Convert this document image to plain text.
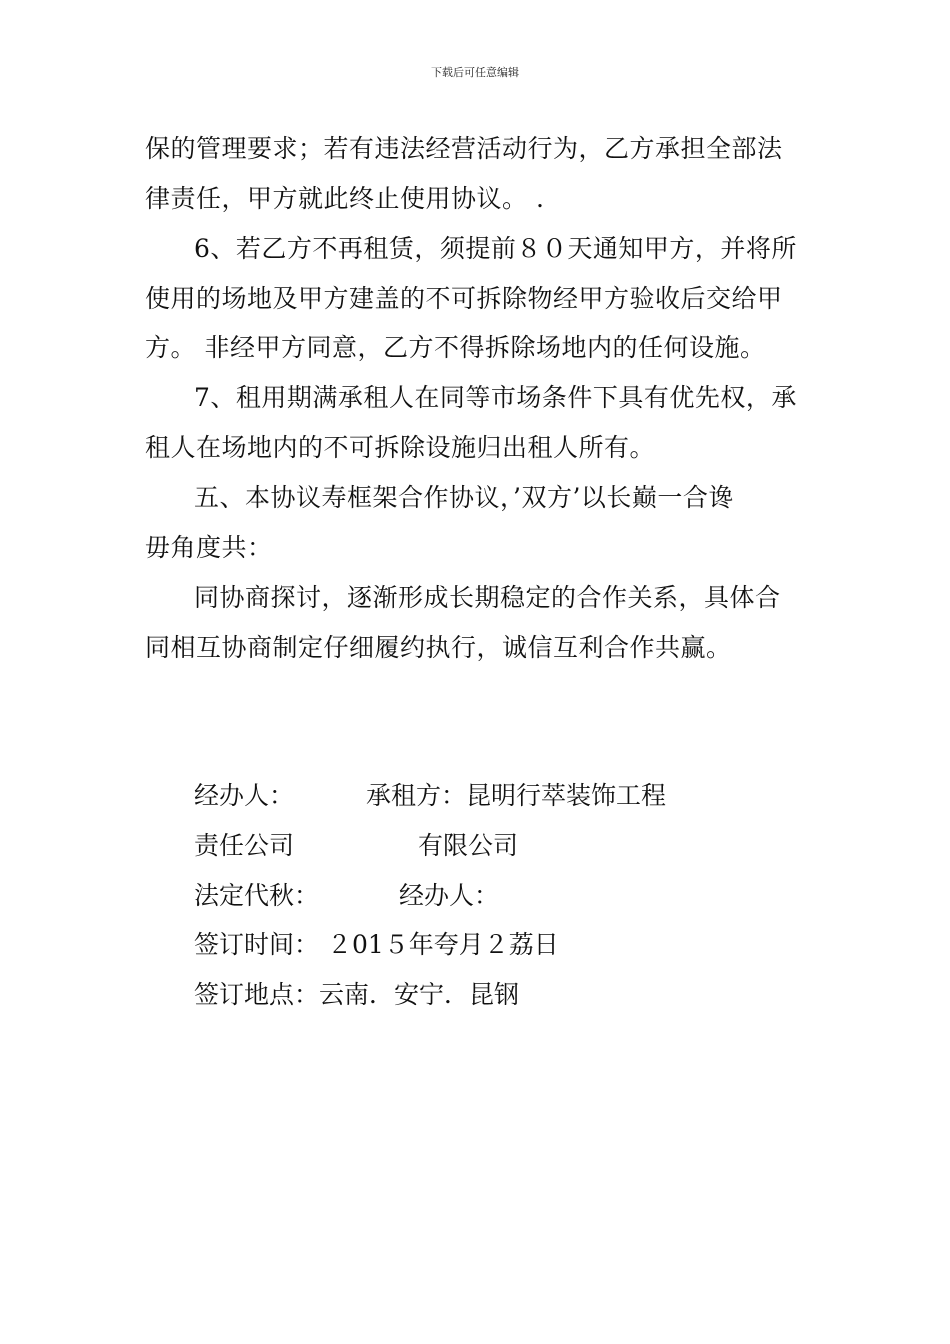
下载后可任意编辑
保的管理要求；若有违法经营活动行为，乙方承担全部法
律责任，甲方就此终止使用协议。 .
6、若乙方不再租赁，须提前８０天通知甲方，并将所
使用的场地及甲方建盖的不可拆除物经甲方验收后交给甲
方。 非经甲方同意，乙方不得拆除场地内的任何设施。
7、租用期满承租人在同等市场条件下具有优先权，承
租人在场地内的不可拆除设施归出租人所有。
五、本协议寿框架合作协议，’双方’以长巅一合谗
毋角度共：
同协商探讨，逐渐形成长期稳定的合作关系，具体合
同相互协商制定仔细履约执行，诚信互利合作共赢。
经办人：	承租方：昆明行萃装饰工程
责任公司	有限公司
法定代秋：	经办人：
签订时间： ２01５年夸月２荔日
签订地点：云南．安宁．昆钢
